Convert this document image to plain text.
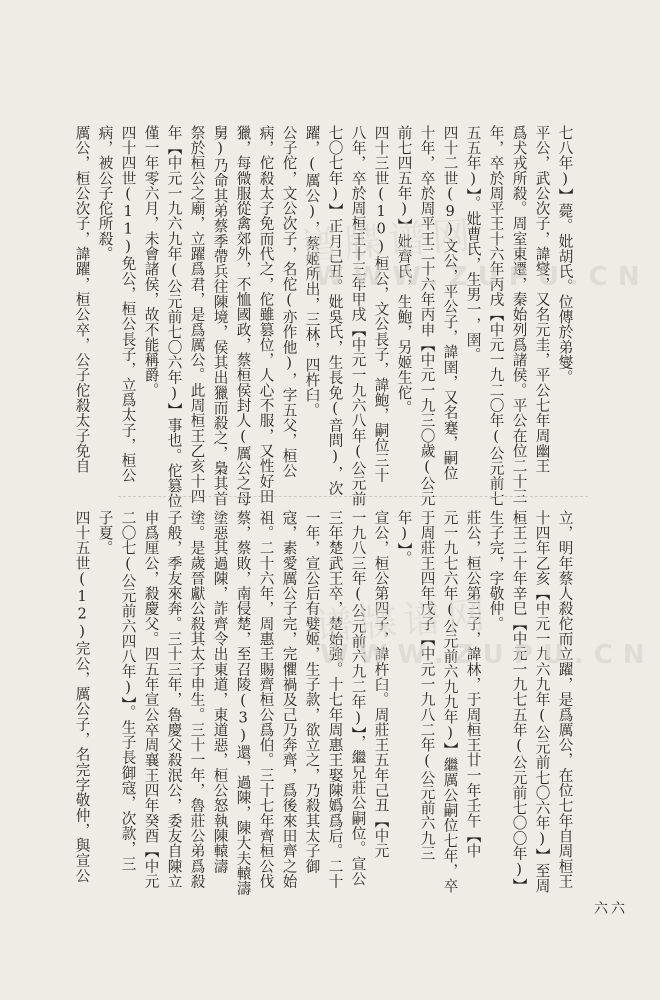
七八年)】薨。妣胡氏。位傳於弟燮。
平公，武公次子，諱燮，又名元圭，平公七年周幽王
爲犬戎所殺。周室東遷，秦始列爲諸侯。平公在位二十三
年，卒於周平王十六年丙戌【中元一九二〇年(公元前七
五五年)】。妣曹氏，生男一，圉。
四十二世(9)文公，平公子，諱圉，又名蹇，嗣位
十年，卒於周平王二十六年丙申【中元一九三〇歲(公元
前七四五年)】妣齊氏，生鮑，另姬生佗。
四十三世(10)桓公，文公長子，諱鮑，嗣位三十
八年，卒於周桓王十三年甲戌【中元一九六八年(公元前
七〇七年)】正月己丑。妣吳氏，生長免(音問)，次
躍，(厲公)，蔡姬所出，三林，四杵臼。
公子佗，文公次子，名佗(亦作他)，字五父，桓公
病，佗殺太子免而代之，佗雖篡位，人心不服，又性好田
獵，每微服從禽郊外，不恤國政，蔡桓侯封人(厲公之母
舅)乃命其弟蔡季帶兵往陳境，侯其出獵而殺之，梟其首
祭於桓公之廟，立躍爲君，是爲厲公。此周桓王乙亥十四
年【中元一九六九年(公元前七〇六年)】事也。佗篡位
僅一年零六月，未會諸侯，故不能稱爵。
四十四世(11)免公，桓公長子，立爲太子，桓公
病，被公子佗所殺。
厲公，桓公次子，諱躍，桓公卒，公子佗殺太子免自
立，明年蔡人殺佗而立躍，是爲厲公，在位七年自周桓王
十四年乙亥【中元一九六九年(公元前七〇六年)】至周
桓王二十年辛巳【中元一九七五年(公元前七〇〇年)】
生子完，字敬仲。
莊公，桓公第三子，諱林，于周桓王廿一年壬午【中
元一九七六年(公元前六九九年)】繼厲公嗣位七年，卒
于周莊王四年戊子【中元一九八二年(公元前六九三
年)】。
宣公，桓公第四子，諱杵臼。周莊王五年己丑【中元
一九八三年(公元前六九二年)】，繼兄莊公嗣位。宣公
三年楚武王卒，楚始強。十七年周惠王娶陳嬀爲后。二十
一年，宣公后有嬖姬，生子款，欲立之，乃殺其太子御
寇，素愛厲公子完，完懼禍及己乃奔齊，爲後來田齊之始
祖。二十六年，周惠王賜齊桓公爲伯。三十七年齊桓公伐
蔡，蔡敗，南侵楚，至召陵(3)還，過陳，陳大夫轅濤
塗惡其過陳，詐齊令出東道，東道惡，桓公怒執陳轅濤
塗。是歲晉獻公殺其太子申生。三十一年，魯莊公弟爲殺
子般，季友來奔。三十三年，魯慶父殺泯公，委友自陳立
申爲厘公，殺慶父。四五年宣公卒周襄王四年癸酉【中元
二〇七(公元前六四八年)】。生子長御寇，次款，三
子夏。
四十五世(12)完公，厲公子，名完字敬仲，與宣公
六六
谱牒谱网
WWW.ZUPU.CN
谱牒谱网
WWW.ZUPU.CN
